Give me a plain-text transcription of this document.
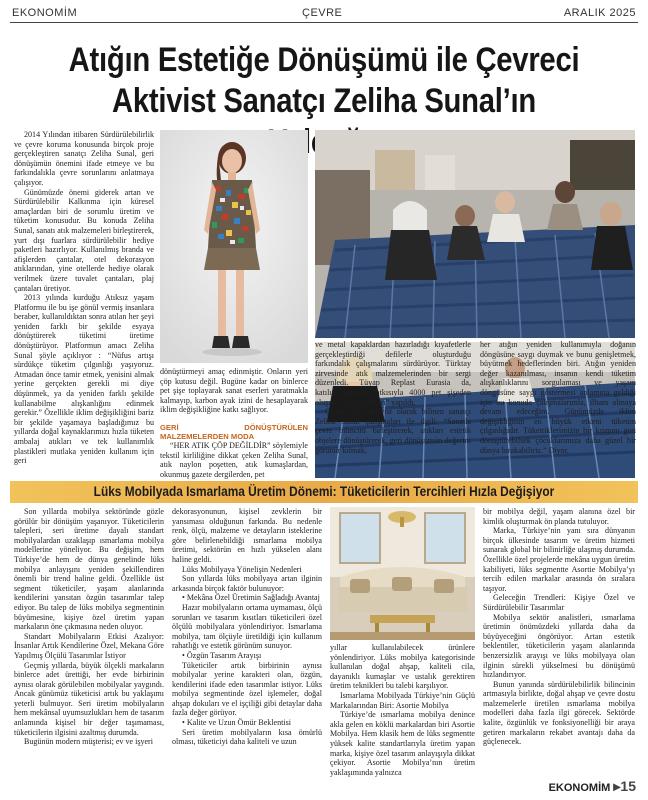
EKONOMİM	ÇEVRE	ARALIK 2025
Atığın Estetiğe Dönüşümü ile Çevreci
Aktivist Sanatçı Zeliha Sunal’ın

2014 Yılından itibaren Sürdürülebilirlik ve çevre koruma konusunda birçok proje gerçekleştiren sanatçı Zeliha Sunal, geri dönüşümün önemini ifade etmeye ve bu farkındalıkla çevre sorunlarını anlatmaya çalışıyor.

Günümüzde önemi giderek artan ve Sürdürülebilir Kalkınma için küresel amaçlardan biri de sorumlu üretim ve tüketim konusudur. Bu konuda Zeliha Sunal, sanatı atık malzemeleri birleştirerek, yurt dışı fuarlara sürdürülebilir hediye paketleri hazırlıyor. Kullanılmış branda ve afişlerden çantalar, otel dekorasyon atıklarından, yine otellerde hediye olarak verilmek üzere tuvalet çantaları, plaj çantaları üretiyor.

2013 yılında kurduğu Atıksız yaşam Platformu ile bu işe gönül vermiş insanlara beraber, kullanıldıktan sonra atılan her şeyi yeniden farklı bir şekilde esyaya dönüştürerek tüketimi üretime dönüştürüyor. Platformun amacı Zeliha Sunal şöyle açıklıyor : “Nüfus artışı sürdükçe tüketim çılgınlığı yaşıyoruz. Atmadan önce tamir etmek, yenisini almak yerine gerçekten gerekli mi diye düşünmek, ya da yeniden farklı şekilde kullanabilme alışkanlığını edinmek gerekir.” Özellikle iklim değişikliğini bariz bir şekilde yaşamaya başladığımız bu yıllarda doğal kaynaklarımızı hızla tüketen ambalaj atıkları ve tek kullanımlık plastikleri mutlaka yeniden kullanım için geri

dönüştürmeyi amaç edinmiştir. Onların yeri çöp kutusu değil. Bugüne kadar on binlerce pet şişe toplayarak sanat eserleri yaratmakla kalmayıp, karbon ayak izini de hesaplayarak iklim değişikliğine katkı sağlıyor.

GERİ DÖNÜŞTÜRÜLEN MALZEMELERDEN MODA

“HER ATIK ÇÖP DEĞİLDİR” söylemiyle tekstil kirliliğine dikkat çeken Zeliha Sunal, atık naylon poşetten, atık kumaşlardan, okunmuş gazete dergilerden, pet

ve metal kapaklardan hazırladığı kıyafetlerle gerçekleştirdiği defilerle oluşturduğu farkındalık çalışmalarını sürdürüyor. Türktay zirvesinde atık malzemelerinden bir sergi düzenledi. Tüyap Replast Eurasia da, katılımcılarında katkısıyla 4000 pet şişeden oluşan “Dünya duvarı” yapıldı.

Çevreci bir aktivist olarak bilinen sanatçı Zeliha Sunal çalışmaları ile ilgili: “Sanatla çevre bilincini birleştirerek, atıkları estetik objelere dönüştürerek, geri dönüşümün değerini görünür kılmak,

her atığın yeniden kullanımıyla doğanın döngüsüne saygı duymak ve bunu genişletmek, büyütmek hedeflerinden biri. Atığın yeniden değer kazanılması, insanın kendi tüketim alışkanlıklarını sorgulaması ve yaşam döngüsüne saygı göstermesi anlamına geldiği için bu konuda çalışmalarımla, ilham olmaya devam edeceğim. Günümüzde iklim değişikliğinin en büyük etkeni tüketim çılgınlığıdır. Tükettiklerimizin bir kısmını geri dönüştürebilsek çocuklarımıza daha güzel bir dünya bırakabiliriz.” Diyor.

Lüks Mobilyada Ismarlama Üretim Dönemi: Tüketicilerin Tercihleri Hızla Değişiyor

Son yıllarda mobilya sektöründe gözle görülür bir dönüşüm yaşanıyor. Tüketicilerin talepleri, seri üretime dayalı standart mobilyalardan uzaklaşıp ısmarlama mobilya modellerine yöneliyor. Bu değişim, hem Türkiye’de hem de dünya genelinde lüks mobilya anlayışını yeniden şekillendiren önemli bir trend haline geldi. Özellikle üst segment tüketiciler, yaşam alanlarında kendilerini yansıtan özgün tasarımlar talep ediyor. Bu talep de lüks mobilya segmentinin büyümesine, kişiye özel üretim yapan markaların öne çıkmasına neden oluyor.

Standart Mobilyaların Etkisi Azalıyor: İnsanlar Artık Kendilerine Özel, Mekana Göre Yapılmış Ölçülü Tasarımlar İstiyor

Geçmiş yıllarda, büyük ölçekli markaların binlerce adet ürettiği, her evde birbirinin aynısı olarak görülebilen mobilyalar yaygındı. Ancak günümüz tüketicisi artık bu yaklaşımı yeterli bulmuyor. Seri üretim mobilyaların hem mekânsal uyumsuzlukları hem de tasarım anlamında kişisel bir değer taşımaması, tüketicilerin ilgisini azaltmış durumda.

Bugünün modern müşterisi; ev ve işyeri

dekorasyonunun, kişisel zevklerin bir yansıması olduğunun farkında. Bu nedenle renk, ölçü, malzeme ve detayların isteklerine göre belirlenebildiği ısmarlama mobilya üretimi, sektörün en hızlı yükselen alanı haline geldi.

Lüks Mobilyaya Yönelişin Nedenleri

Son yıllarda lüks mobilyaya artan ilginin arkasında birçok faktör bulunuyor:

• Mekâna Özel Üretimin Sağladığı Avantaj

Hazır mobilyaların ortama uymaması, ölçü sorunları ve tasarım kısıtları tüketicileri özel ölçülü mobilyalara yönlendiriyor. Ismarlama mobilya, tam ölçüyle üretildiği için kullanım rahatlığı ve estetik görünüm sunuyor.

• Özgün Tasarım Arayışı

Tüketiciler artık birbirinin aynısı mobilyalar yerine karakteri olan, özgün, kendilerini ifade eden tasarımlar istiyor. Lüks mobilya segmentinde özel işlemeler, doğal ahşap dokuları ve el işçiliği gibi detaylar daha fazla değer görüyor.

• Kalite ve Uzun Ömür Beklentisi

Seri üretim mobilyaların kısa ömürlü olması, tüketiciyi daha kaliteli ve uzun

yıllar kullanılabilecek ürünlere yönlendiriyor. Lüks mobilya kategorisinde kullanılan doğal ahşap, kaliteli cila, dayanıklı kumaşlar ve ustalık gerektiren üretim teknikleri bu talebi karşılıyor.

Ismarlama Mobilyada Türkiye’nin Güçlü Markalarından Biri: Asortie Mobilya

Türkiye’de ısmarlama mobilya denince akla gelen en köklü markalardan biri Asortie Mobilya. Hem klasik hem de lüks segmentte yüksek kalite standartlarıyla üretim yapan marka, kişiye özel tasarım anlayışıyla dikkat çekiyor. Asortie Mobilya’nın üretim yaklaşımında yalnızca

bir mobilya değil, yaşam alanına özel bir kimlik oluşturmak ön planda tutuluyor.

Marka, Türkiye’nin yanı sıra dünyanın birçok ülkesinde tasarım ve üretim hizmeti sunarak global bir bilinirliğe ulaşmış durumda. Özellikle özel projelerde mekâna uygun üretim kabiliyeti, lüks segmentte Asortie Mobilya’yı tercih edilen markalar arasında ön sıralara taşıyor.

Geleceğin Trendleri: Kişiye Özel ve Sürdürülebilir Tasarımlar

Mobilya sektör analistleri, ısmarlama üretimin önümüzdeki yıllarda daha da büyüyeceğini öngörüyor. Artan estetik beklentiler, tüketicilerin yaşam alanlarında benzersizlik arayışı ve lüks mobilyaya olan ilginin sürekli yükselmesi bu dönüşümü hızlandırıyor.

Bunun yanında sürdürülebilirlik bilincinin artmasıyla birlikte, doğal ahşap ve çevre dostu malzemelerle üretilen ısmarlama mobilya modelleri daha fazla ilgi görecek. Sektörde kalite, özgünlük ve fonksiyonelliği bir araya getiren markaların rekabet avantajı daha da güçlenecek.

EKONOMİM ▸15
